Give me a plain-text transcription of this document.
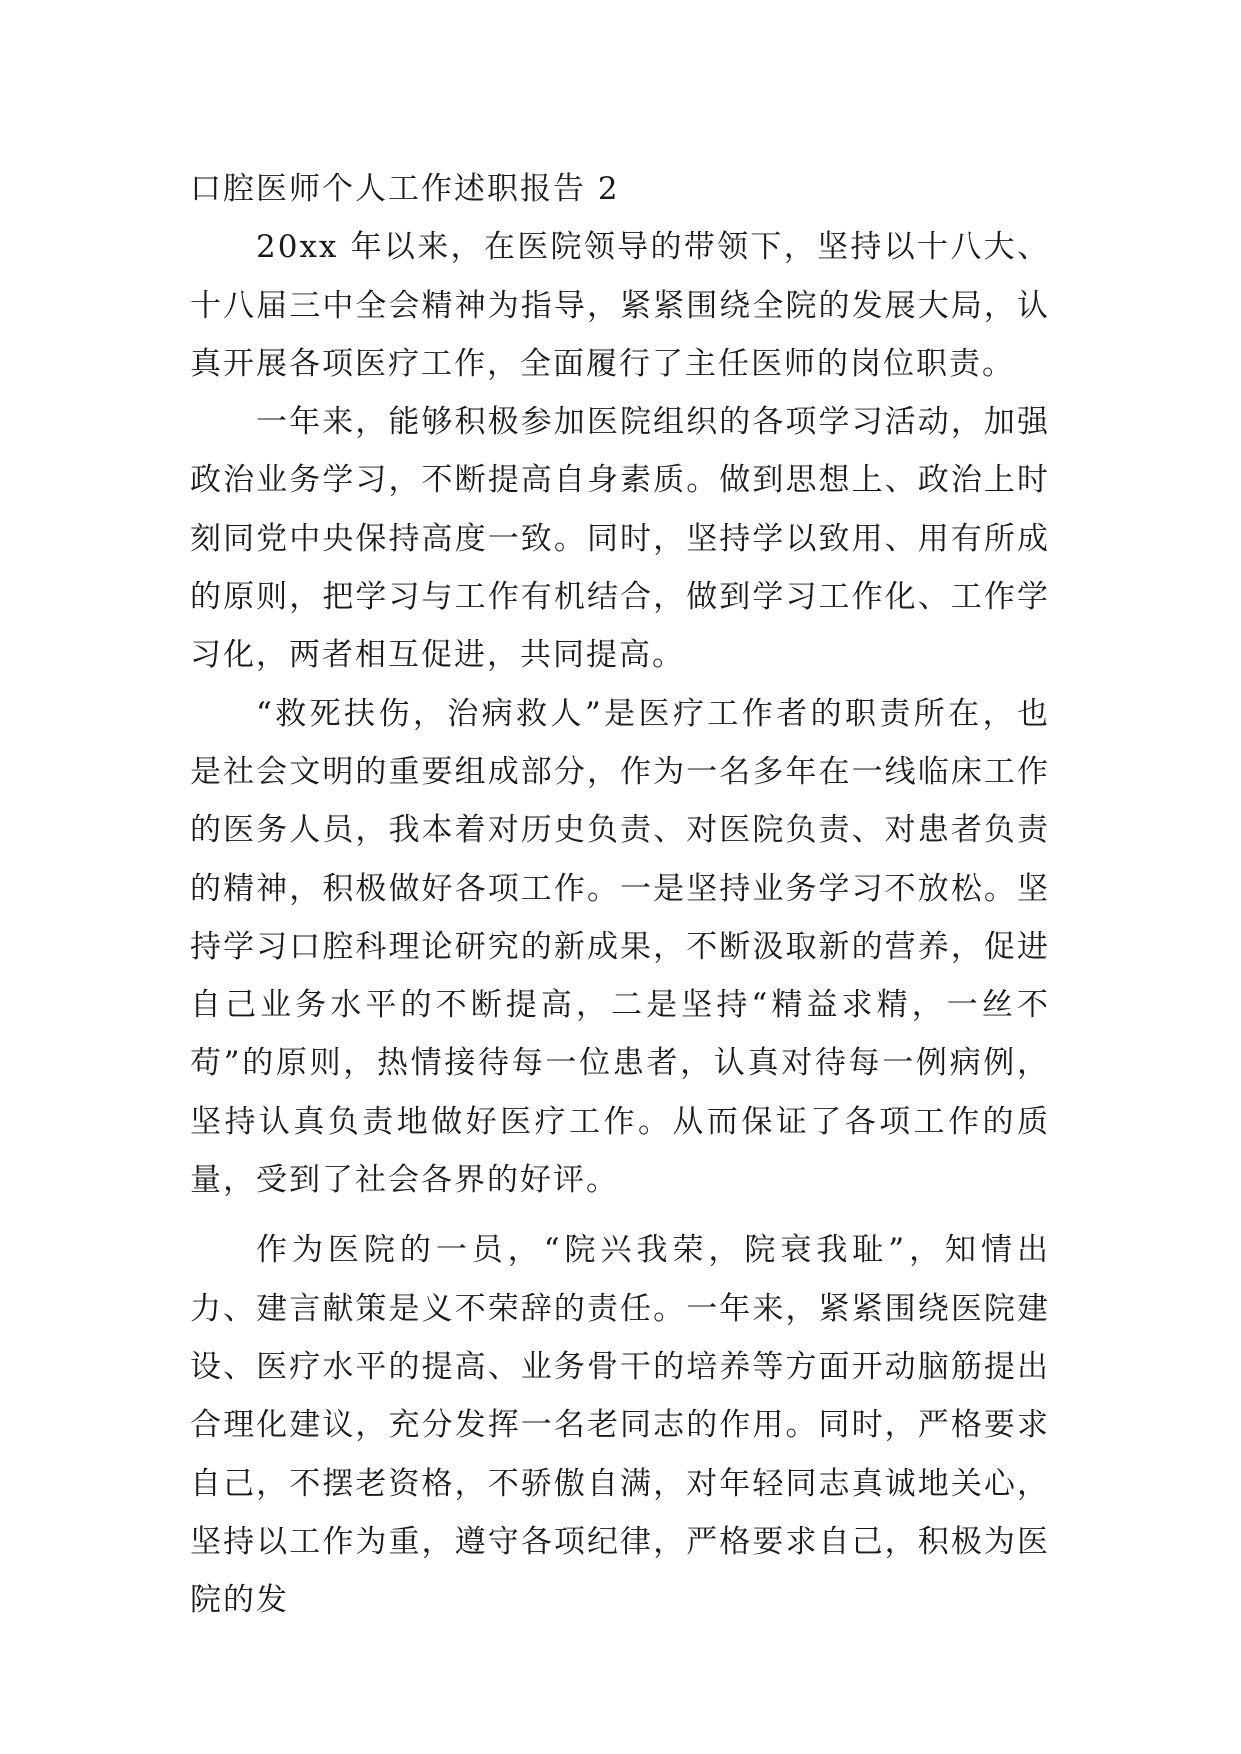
口腔医师个人工作述职报告 2

20xx 年以来，在医院领导的带领下，坚持以十八大、十八届三中全会精神为指导，紧紧围绕全院的发展大局，认真开展各项医疗工作，全面履行了主任医师的岗位职责。

一年来，能够积极参加医院组织的各项学习活动，加强政治业务学习，不断提高自身素质。做到思想上、政治上时刻同党中央保持高度一致。同时，坚持学以致用、用有所成的原则，把学习与工作有机结合，做到学习工作化、工作学习化，两者相互促进，共同提高。

“救死扶伤，治病救人”是医疗工作者的职责所在，也是社会文明的重要组成部分，作为一名多年在一线临床工作的医务人员，我本着对历史负责、对医院负责、对患者负责的精神，积极做好各项工作。一是坚持业务学习不放松。坚持学习口腔科理论研究的新成果，不断汲取新的营养，促进自己业务水平的不断提高，二是坚持“精益求精，一丝不苟”的原则，热情接待每一位患者，认真对待每一例病例，坚持认真负责地做好医疗工作。从而保证了各项工作的质量，受到了社会各界的好评。

作为医院的一员，“院兴我荣，院衰我耻”，知情出力、建言献策是义不荣辞的责任。一年来，紧紧围绕医院建设、医疗水平的提高、业务骨干的培养等方面开动脑筋提出合理化建议，充分发挥一名老同志的作用。同时，严格要求自己，不摆老资格，不骄傲自满，对年轻同志真诚地关心，坚持以工作为重，遵守各项纪律，严格要求自己，积极为医院的发
